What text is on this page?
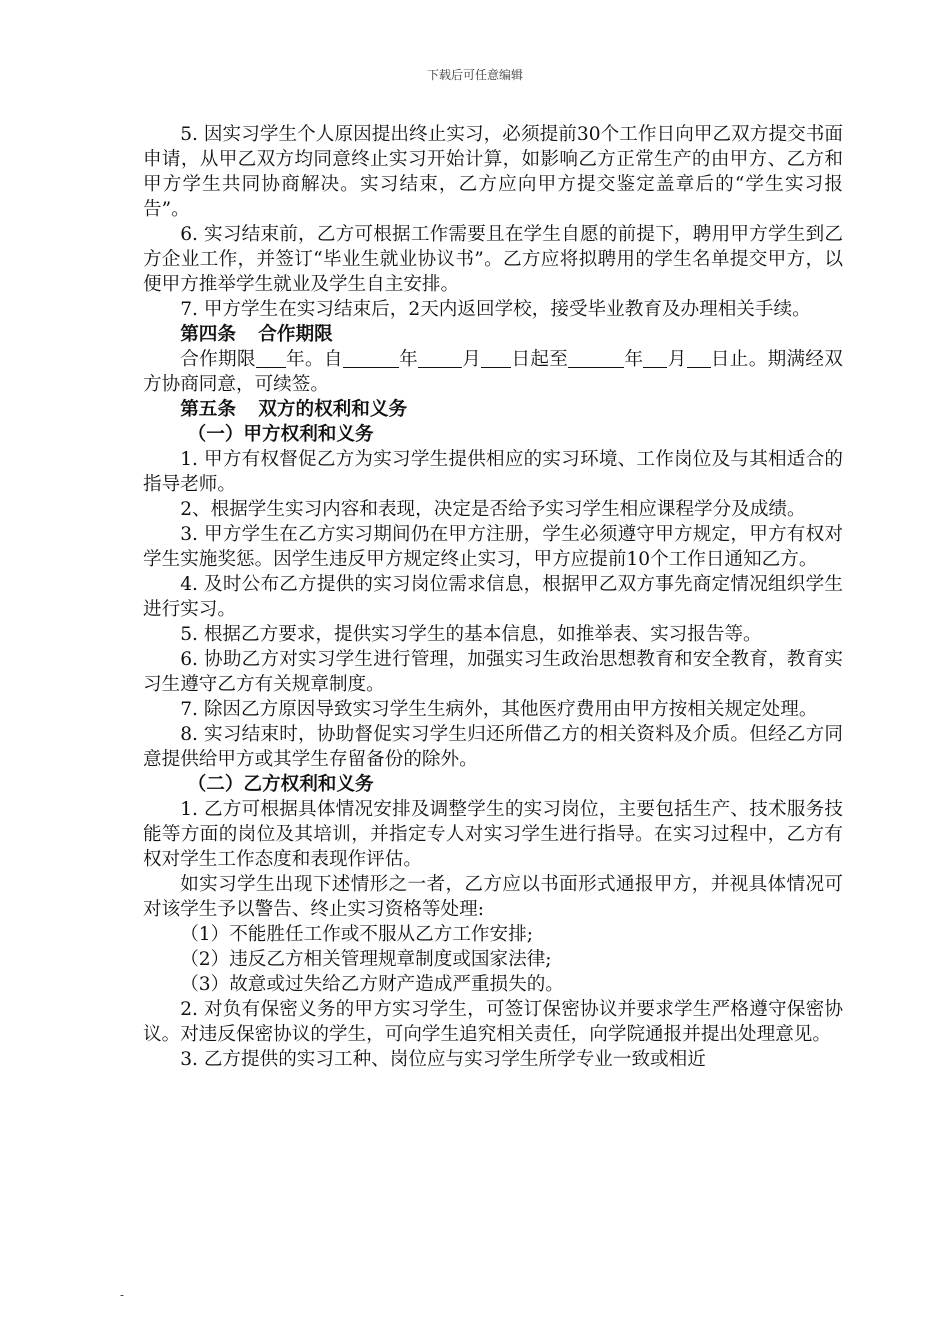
下载后可任意编辑

5. 因实习学生个人原因提出终止实习，必须提前30个工作日向甲乙双方提交书面申请，从甲乙双方均同意终止实习开始计算，如影响乙方正常生产的由甲方、乙方和甲方学生共同协商解决。实习结束，乙方应向甲方提交鉴定盖章后的“学生实习报告”。

6. 实习结束前，乙方可根据工作需要且在学生自愿的前提下，聘用甲方学生到乙方企业工作，并签订“毕业生就业协议书”。乙方应将拟聘用的学生名单提交甲方，以便甲方推举学生就业及学生自主安排。

7. 甲方学生在实习结束后，2天内返回学校，接受毕业教育及办理相关手续。

第四条 合作期限

合作期限 年。自	年 月 日起至	年 月 日止。期满经双方协商同意，可续签。

第五条 双方的权利和义务

（一）甲方权利和义务

1. 甲方有权督促乙方为实习学生提供相应的实习环境、工作岗位及与其相适合的指导老师。

2、根据学生实习内容和表现，决定是否给予实习学生相应课程学分及成绩。

3. 甲方学生在乙方实习期间仍在甲方注册，学生必须遵守甲方规定，甲方有权对学生实施奖惩。因学生违反甲方规定终止实习，甲方应提前10个工作日通知乙方。

4. 及时公布乙方提供的实习岗位需求信息，根据甲乙双方事先商定情况组织学生进行实习。

5. 根据乙方要求，提供实习学生的基本信息，如推举表、实习报告等。

6. 协助乙方对实习学生进行管理，加强实习生政治思想教育和安全教育，教育实习生遵守乙方有关规章制度。

7. 除因乙方原因导致实习学生生病外，其他医疗费用由甲方按相关规定处理。

8. 实习结束时，协助督促实习学生归还所借乙方的相关资料及介质。但经乙方同意提供给甲方或其学生存留备份的除外。

（二）乙方权利和义务

1. 乙方可根据具体情况安排及调整学生的实习岗位，主要包括生产、技术服务技能等方面的岗位及其培训，并指定专人对实习学生进行指导。在实习过程中，乙方有权对学生工作态度和表现作评估。

如实习学生出现下述情形之一者，乙方应以书面形式通报甲方，并视具体情况可对该学生予以警告、终止实习资格等处理:

（1）不能胜任工作或不服从乙方工作安排;

（2）违反乙方相关管理规章制度或国家法律;

（3）故意或过失给乙方财产造成严重损失的。

2. 对负有保密义务的甲方实习学生，可签订保密协议并要求学生严格遵守保密协议。对违反保密协议的学生，可向学生追究相关责任，向学院通报并提出处理意见。

3. 乙方提供的实习工种、岗位应与实习学生所学专业一致或相近

-
